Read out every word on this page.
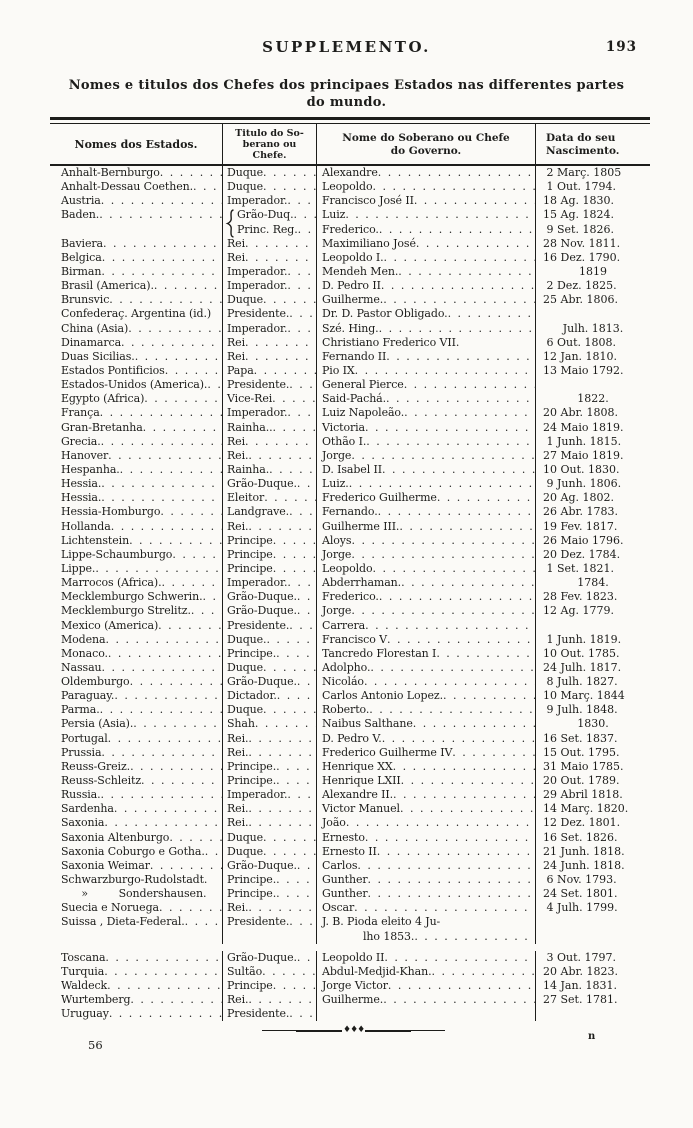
SUPPLEMENTO.	193
Nomes e titulos dos Chefes dos principaes Estados nas differentes partes
do mundo.
Nomes dos Estados.
Titulo do So-
berano ou
Chefe.
Nome do Soberano ou Chefe
do Governo.
Data do seu
Nascimento.
Anhalt-Bernburgo . . .	Duque . . .	Alexandre . . .	2 Març. 1805
Anhalt-Dessau Coethen. . . .	Duque . . .	Leopoldo . . .	1 Out. 1794.
Austria . . .	Imperador. . . .	Francisco José II . . .	18 Ag. 1830.
Baden. . . .	Grão-Duq. . . .	Luiz . . .	15 Ag. 1824.
Princ. Reg. . . . Frederico. . . .	9 Set. 1826.
Baviera . . .	Rei . . .	Maximiliano José . . .	28 Nov. 1811.
Belgica . . .	Rei . . .	Leopoldo I. . . .	16 Dez. 1790.
Birman . . .	Imperador. . . .	Mendeh Men. . . .	1819
Brasil (America). . . .	Imperador. . . .	D. Pedro II . . .	2 Dez. 1825.
Brunsvic . . .	Duque . . .	Guilherme. . . .	25 Abr. 1806.
Confederaç. Argentina (id.) Presidente. . . .	Dr. D. Pastor Obligado.
. . .
China (Asia) . . .	Imperador. . . .	Szé. Hing. . . .	Julh. 1813.
Dinamarca . . .	Rei . . .	Christiano Frederico VII.	6 Out. 1808.
Duas Sicilias. . . .	Rei . . .	Fernando II . . .	12 Jan. 1810.
Estados Pontificios . . .	Papa . . .	Pio IX . . .	13 Maio 1792.
Estados-Unidos (America). . . . Presidente. . . .	General Pierce
. . .
Egypto (Africa) . . .	Vice-Rei . . .	Said-Pachá. . . .	1822.
França . . .	Imperador. . . .	Luiz Napoleão. . . .	20 Abr. 1808.
Gran-Bretanha . . .	Rainha.. . . .	Victoria . . .	24 Maio 1819.
Grecia. . . .	Rei . . .	Othão I. . . .	1 Junh. 1815.
Hanover . . .	Rei. . . .	Jorge . . .	27 Maio 1819.
Hespanha. . . .	Rainha. . . .	D. Isabel II . . .	10 Out. 1830.
Hessia. . . .	Grão-Duque. . . . Luiz. . . .	9 Junh. 1806.
Hessia. . . .	Eleitor . . .	Frederico Guilherme . . .	20 Ag. 1802.
Hessia-Homburgo . . .	Landgrave. . . .	Fernando. . . .	26 Abr. 1783.
Hollanda . . .	Rei. . . .	Guilherme III. . . .	19 Fev. 1817.
Lichtenstein . . .	Principe . . .	Aloys . . .	26 Maio 1796.
Lippe-Schaumburgo . . .	Principe . . .	Jorge . . .	20 Dez. 1784.
Lippe. . . .	Principe . . .	Leopoldo . . .	1 Set. 1821.
Marrocos (Africa). . . .	Imperador. . . .	Abderrhaman. . . .	1784.
Mecklemburgo Schwerin. . . . Grão-Duque. . . . Frederico. . . .	28 Fev. 1823.
Mecklemburgo Strelitz. . . .	Grão-Duque. . . . Jorge . . .	12 Ag. 1779.
Mexico (America) . . .	Presidente. . . .	Carrera
. . .
Modena . . .	Duque. . . .	Francisco V . . .	1 Junh. 1819.
Monaco. . . .	Principe. . . .	Tancredo Florestan I . . .	10 Out. 1785.
Nassau . . .	Duque . . .	Adolpho. . . .	24 Julh. 1817.
Oldemburgo . . .	Grão-Duque. . . . Nicoláo . . .	8 Julh. 1827.
Paraguay. . . .	Dictador. . . .	Carlos Antonio Lopez. . . .	10 Març. 1844
Parma. . . .	Duque . . .	Roberto. . . .	9 Julh. 1848.
Persia (Asia). . . .	Shah . . .	Naibus Salthane . . .	1830.
Portugal . . .	Rei. . . .	D. Pedro V. . . .	16 Set. 1837.
Prussia . . .	Rei. . . .	Frederico Guilherme IV . . .	15 Out. 1795.
Reuss-Greiz. . . .	Principe. . . .	Henrique XX . . .	31 Maio 1785.
Reuss-Schleitz . . .	Principe. . . .	Henrique LXII . . .	20 Out. 1789.
Russia. . . .	Imperador. . . .	Alexandre II. . . .	29 Abril 1818.
Sardenha . . .	Rei. . . .	Victor Manuel . . .	14 Març. 1820.
Saxonia . . .	Rei. . . .	João . . .	12 Dez. 1801.
Saxonia Altenburgo . . .	Duque . . .	Ernesto . . .	16 Set. 1826.
Saxonia Coburgo e Gotha. . . . Duque . . .	Ernesto II . . .	21 Junh. 1818.
Saxonia Weimar . . .	Grão-Duque. . . . Carlos . . .	24 Junh. 1818.
Schwarzburgo-Rudolstadt. Principe. . . .	Gunther . . .	6 Nov. 1793.
»         Sondershausen. Principe. . . .	Gunther . . .	24 Set. 1801.
Suecia e Noruega . . .	Rei. . . .	Oscar . . .	4 Julh. 1799.
Suissa , Dieta-Federal. . . .	Presidente. . . .	J. B. Pioda eleito 4 Ju-
lho 1853.
. . .
Toscana . . .	Grão-Duque. . . . Leopoldo II . . .	3 Out. 1797.
Turquia . . .	Sultão . . .	Abdul-Medjid-Khan. . . .	20 Abr. 1823.
Waldeck . . .	Principe . . .	Jorge Victor . . .	14 Jan. 1831.
Wurtemberg . . .	Rei. . . .	Guilherme. . . .	27 Set. 1781.
Uruguay . . .	Presidente.
. . .
♦♦♦
56
n
